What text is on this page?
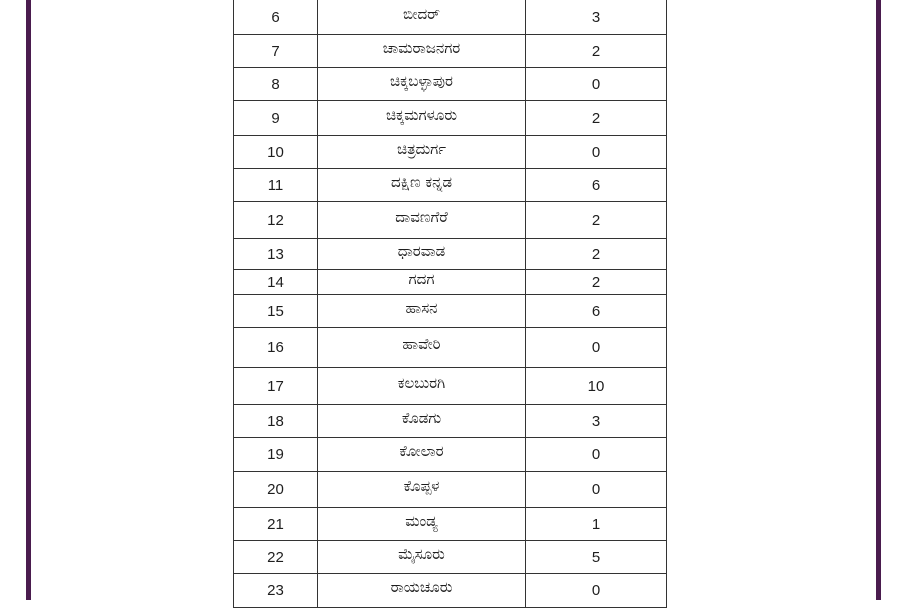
6	ಬೀದರ್	3

7	ಚಾಮರಾಜನಗರ	2

8	ಚಿಕ್ಕಬಳ್ಳಾಪುರ	0

9	ಚಿಕ್ಕಮಗಳೂರು	2

10	ಚಿತ್ರದುರ್ಗ	0

11	ದಕ್ಷಿಣ ಕನ್ನಡ	6

12	ದಾವಣಗೆರೆ	2

13	ಧಾರವಾಡ	2

14	ಗದಗ	2

15	ಹಾಸನ	6

16	ಹಾವೇರಿ	0

17	ಕಲಬುರಗಿ	10

18	ಕೊಡಗು	3

19	ಕೋಲಾರ	0

20	ಕೊಪ್ಪಳ	0

21	ಮಂಡ್ಯ	1

22	ಮೈಸೂರು	5

23	ರಾಯಚೂರು	0
